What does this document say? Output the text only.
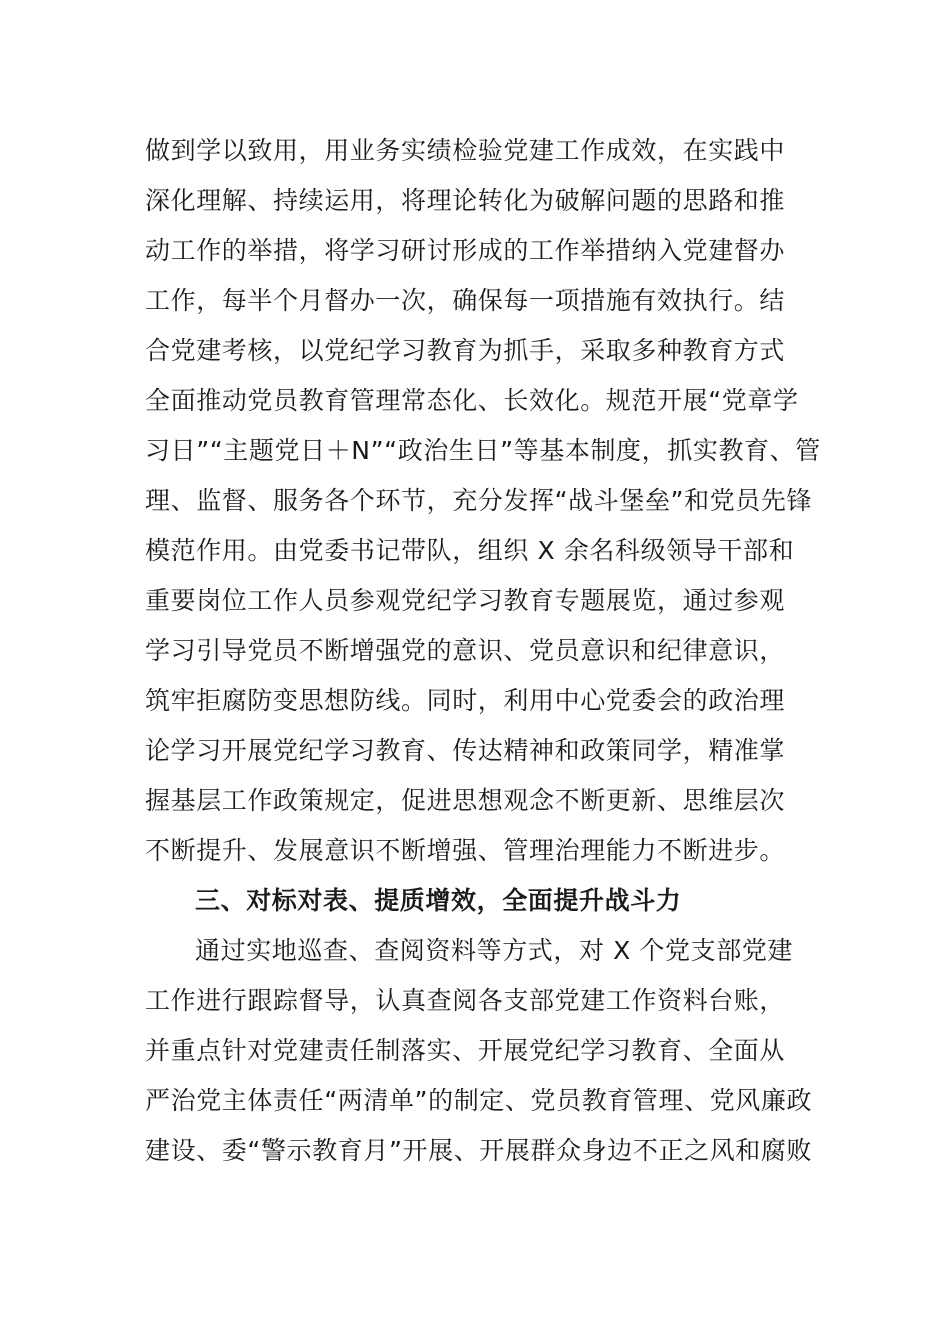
做到学以致用，用业务实绩检验党建工作成效，在实践中
深化理解、持续运用，将理论转化为破解问题的思路和推
动工作的举措，将学习研讨形成的工作举措纳入党建督办
工作，每半个月督办一次，确保每一项措施有效执行。结
合党建考核，以党纪学习教育为抓手，采取多种教育方式
全面推动党员教育管理常态化、长效化。规范开展“党章学
习日”“主题党日＋N”“政治生日”等基本制度，抓实教育、管
理、监督、服务各个环节，充分发挥“战斗堡垒”和党员先锋
模范作用。由党委书记带队，组织 X 余名科级领导干部和
重要岗位工作人员参观党纪学习教育专题展览，通过参观
学习引导党员不断增强党的意识、党员意识和纪律意识，
筑牢拒腐防变思想防线。同时，利用中心党委会的政治理
论学习开展党纪学习教育、传达精神和政策同学，精准掌
握基层工作政策规定，促进思想观念不断更新、思维层次
不断提升、发展意识不断增强、管理治理能力不断进步。
三、对标对表、提质增效，全面提升战斗力
通过实地巡查、查阅资料等方式，对 X 个党支部党建
工作进行跟踪督导，认真查阅各支部党建工作资料台账，
并重点针对党建责任制落实、开展党纪学习教育、全面从
严治党主体责任“两清单”的制定、党员教育管理、党风廉政
建设、委“警示教育月”开展、开展群众身边不正之风和腐败
